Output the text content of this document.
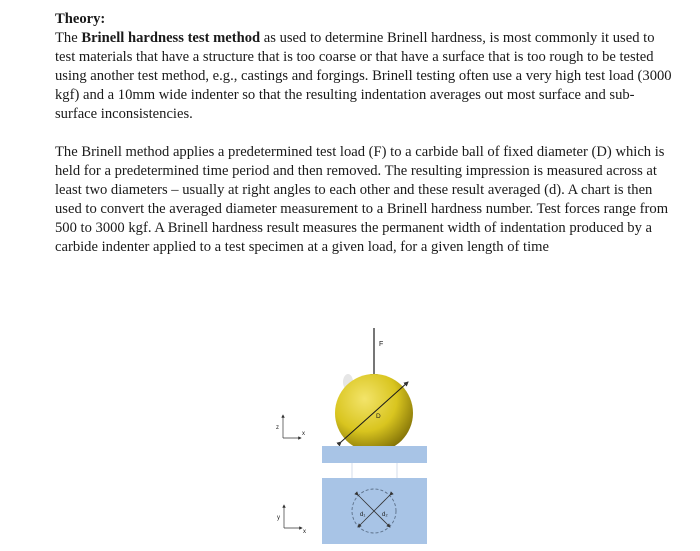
Theory:

The Brinell hardness test method as used to determine Brinell hardness, is most commonly it used to test materials that have a structure that is too coarse or that have a surface that is too rough to be tested using another test method, e.g., castings and forgings. Brinell testing often use a very high test load (3000 kgf) and a 10mm wide indenter so that the resulting indentation averages out most surface and sub-surface inconsistencies.

The Brinell method applies a predetermined test load (F) to a carbide ball of fixed diameter (D) which is held for a predetermined time period and then removed. The resulting impression is measured across at least two diameters – usually at right angles to each other and these result averaged (d). A chart is then used to convert the averaged diameter measurement to a Brinell hardness number. Test forces range from 500 to 3000 kgf. A Brinell hardness result measures the permanent width of indentation produced by a carbide indenter applied to a test specimen at a given load, for a given length of time

F
D
d₁	d₂
z
x
y
x
